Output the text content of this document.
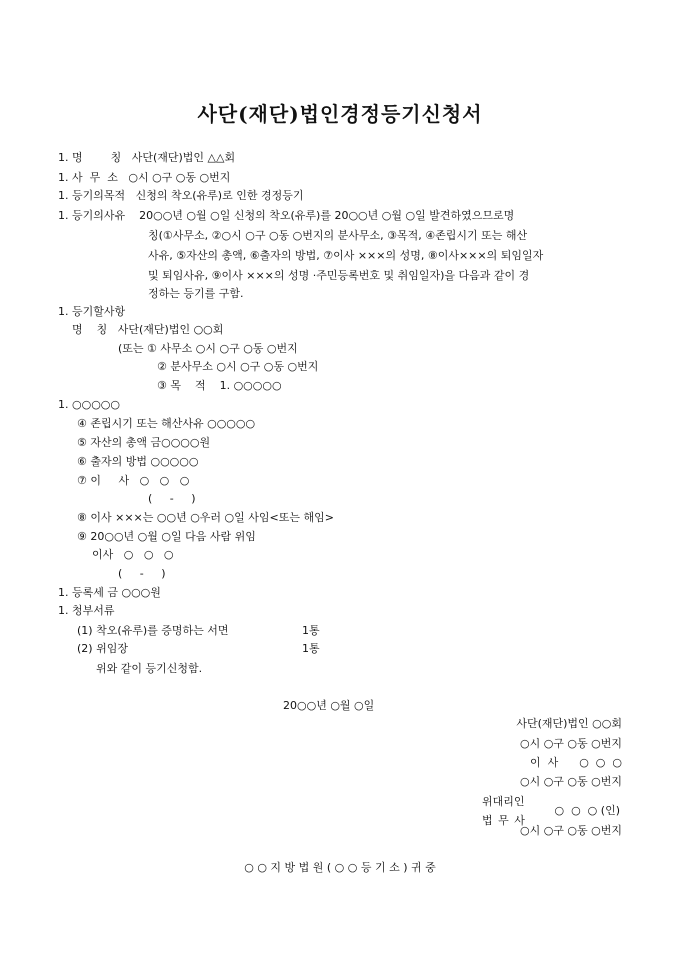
사단(재단)법인경정등기신청서
1. 명        칭   사단(재단)법인 △△회
1. 사  무  소   ○시 ○구 ○동 ○번지
1. 등기의목적   신청의 착오(유루)로 인한 경정등기
1. 등기의사유    20○○년 ○월 ○일 신청의 착오(유루)를 20○○년 ○월 ○일 발견하였으므로명
칭(①사무소, ②○시 ○구 ○동 ○번지의 분사무소, ③목적, ④존립시기 또는 해산
사유, ⑤자산의 총액, ⑥출자의 방법, ⑦이사 ×××의 성명, ⑧이사×××의 퇴임일자
및 퇴임사유, ⑨이사 ×××의 성명 ·주민등록번호 및 취임일자)을 다음과 같이 경
정하는 등기를 구함.
1. 등기할사항
명    칭   사단(재단)법인 ○○회
(또는 ① 사무소 ○시 ○구 ○동 ○번지
② 분사무소 ○시 ○구 ○동 ○번지
③ 목    적    1. ○○○○○
1. ○○○○○
④ 존립시기 또는 해산사유 ○○○○○
⑤ 자산의 총액 금○○○○원
⑥ 출자의 방법 ○○○○○
⑦ 이     사   ○   ○   ○
(     -     )
⑧ 이사 ×××는 ○○년 ○우러 ○일 사임<또는 해임>
⑨ 20○○년 ○월 ○일 다음 사람 위임
이사   ○   ○   ○
(     -     )
1. 등록세 금 ○○○원
1. 청부서류
(1) 착오(유루)를 증명하는 서면	1통
(2) 위임장	1통
위와 같이 등기신청함.
20○○년 ○월 ○일
사단(재단)법인 ○○회
○시 ○구 ○동 ○번지
이  사      ○  ○  ○
○시 ○구 ○동 ○번지
위대리인
○  ○  ○ (인)
법 무 사
○시 ○구 ○동 ○번지
○ ○ 지 방 법 원 ( ○ ○ 등 기 소 ) 귀 중
